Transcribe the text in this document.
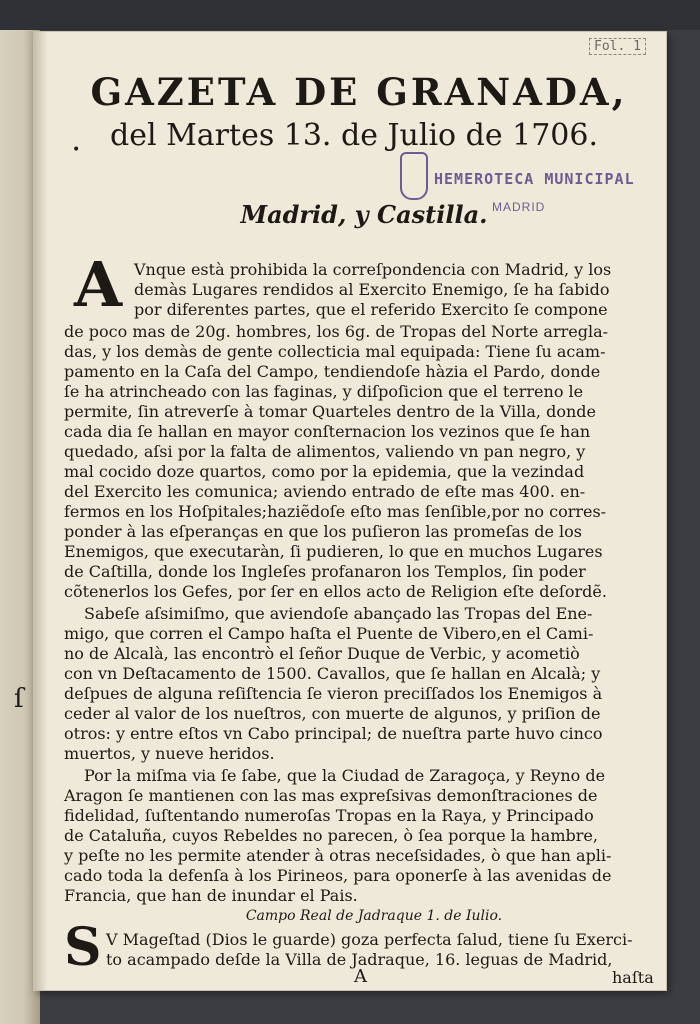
Fol. 1
GAZETA DE GRANADA,
• del Martes 13. de Julio de 1706.
HEMEROTECA MUNICIPAL
MADRID
Madrid, y Castilla.
A Vnque està prohibida la correſpondencia con Madrid, y los
demàs Lugares rendidos al Exercito Enemigo, ſe ha ſabido
por diferentes partes, que el referido Exercito ſe compone
de poco mas de 20g. hombres, los 6g. de Tropas del Norte arregla-
das, y los demàs de gente collecticia mal equipada: Tiene ſu acam-
pamento en la Caſa del Campo, tendiendoſe hàzia el Pardo, donde
ſe ha atrincheado con las faginas, y diſpoſicion que el terreno le
permite, ſin atreverſe à tomar Quarteles dentro de la Villa, donde
cada dia ſe hallan en mayor conſternacion los vezinos que ſe han
quedado, aſsi por la falta de alimentos, valiendo vn pan negro, y
mal cocido doze quartos, como por la epidemia, que la vezindad
del Exercito les comunica; aviendo entrado de eſte mas 400. en-
fermos en los Hoſpitales;haziẽdoſe eſto mas ſenſible,por no corres-
ponder à las eſperanças en que los puſieron las promeſas de los
Enemigos, que executaràn, ſi pudieren, lo que en muchos Lugares
de Caſtilla, donde los Ingleſes profanaron los Templos, ſin poder
cõtenerlos los Gefes, por ſer en ellos acto de Religion eſte deſordẽ.
Sabeſe aſsimiſmo, que aviendoſe abançado las Tropas del Ene-
migo, que corren el Campo haſta el Puente de Vibero,en el Cami-
no de Alcalà, las encontrò el ſeñor Duque de Verbic, y acometiò
con vn Deſtacamento de 1500. Cavallos, que ſe hallan en Alcalà; y
deſpues de alguna reſiſtencia ſe vieron preciſſados los Enemigos à
ceder al valor de los nueſtros, con muerte de algunos, y priſion de
otros: y entre eſtos vn Cabo principal; de nueſtra parte huvo cinco
muertos, y nueve heridos.
Por la miſma via ſe ſabe, que la Ciudad de Zaragoça, y Reyno de
Aragon ſe mantienen con las mas expreſsivas demonſtraciones de
fidelidad, ſuſtentando numeroſas Tropas en la Raya, y Principado
de Cataluña, cuyos Rebeldes no parecen, ò ſea porque la hambre,
y peſte no les permite atender à otras neceſsidades, ò que han apli-
cado toda la defenſa à los Pirineos, para oponerſe à las avenidas de
Francia, que han de inundar el Pais.
Campo Real de Jadraque 1. de Iulio.
S V Mageſtad (Dios le guarde) goza perfecta ſalud, tiene ſu Exerci-
to acampado deſde la Villa de Jadraque, 16. leguas de Madrid,
A	haſta
ſ
